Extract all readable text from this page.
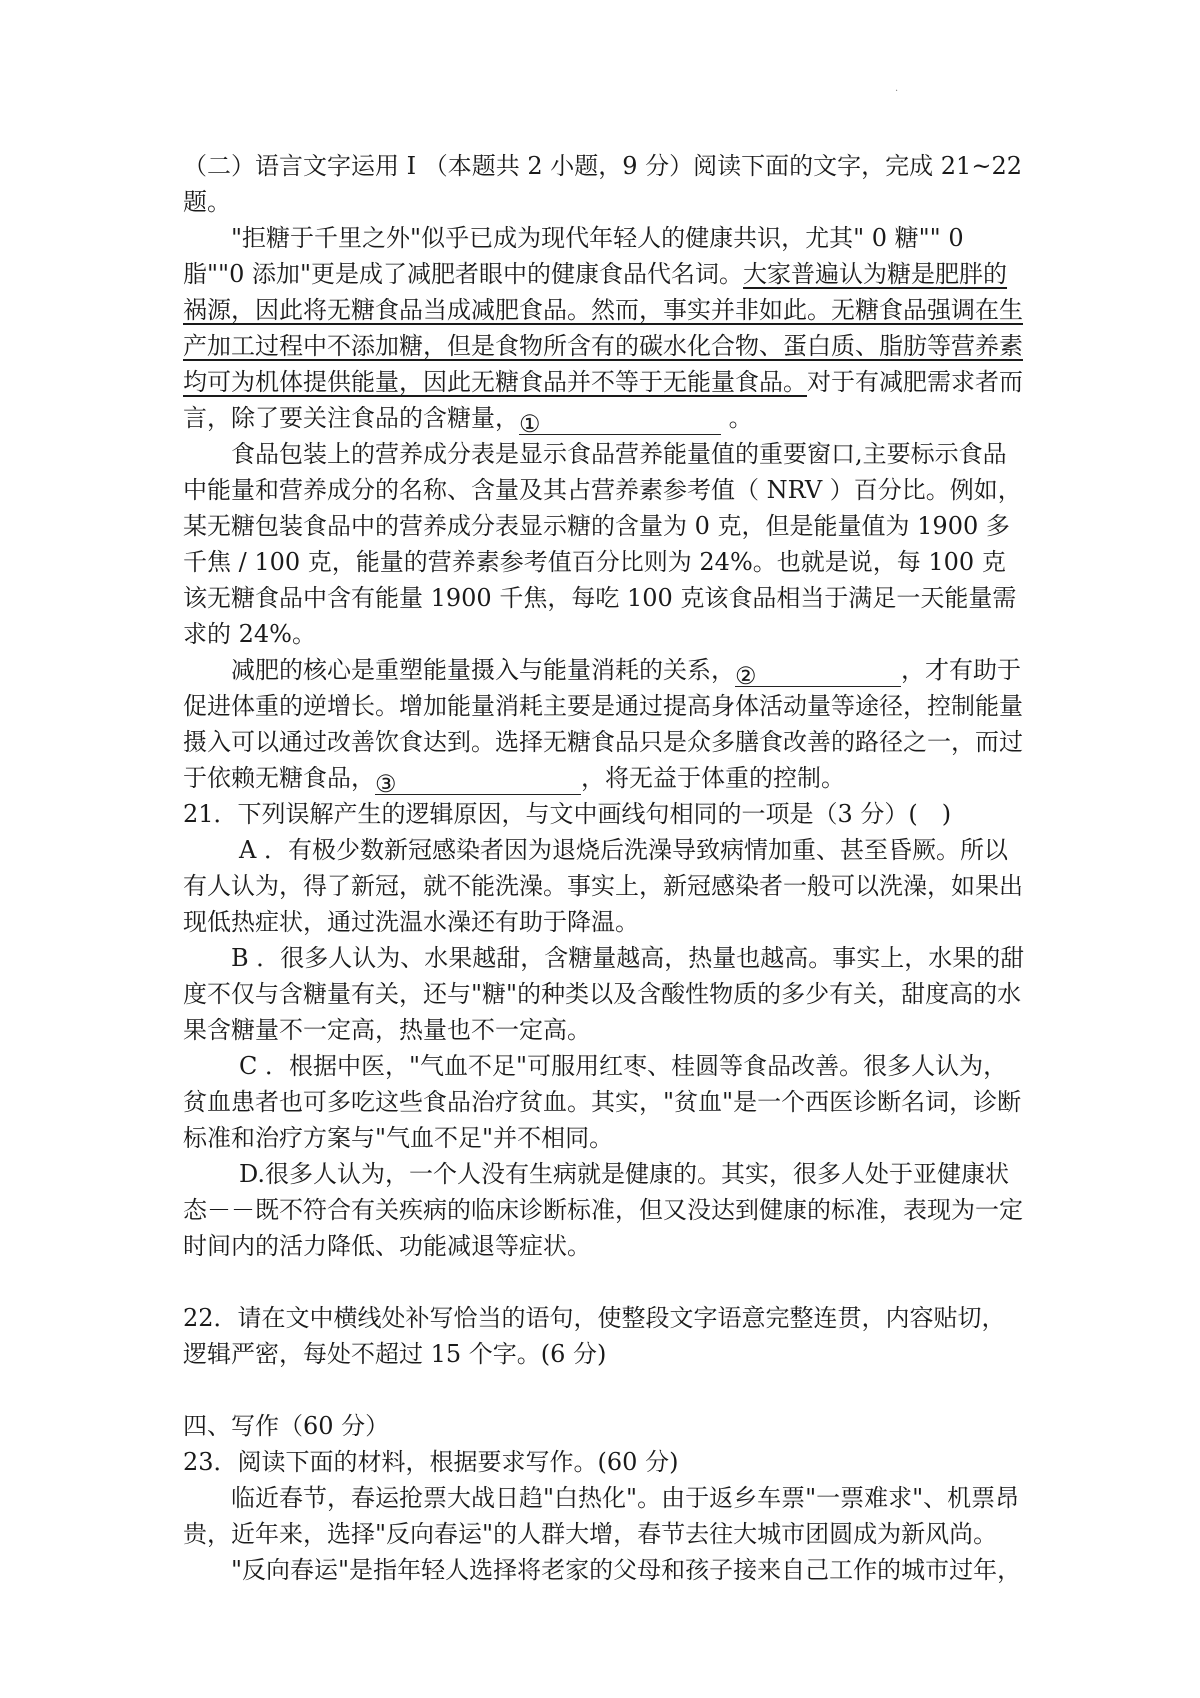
·

（二）语言文字运用 Ⅰ （本题共 2 小题，9 分）阅读下面的文字，完成 21~22 题。

"拒糖于千里之外"似乎已成为现代年轻人的健康共识，尤其" 0 糖"" 0 脂""0 添加"更是成了减肥者眼中的健康食品代名词。大家普遍认为糖是肥胖的祸源，因此将无糖食品当成减肥食品。然而，事实并非如此。无糖食品强调在生产加工过程中不添加糖，但是食物所含有的碳水化合物、蛋白质、脂肪等营养素均可为机体提供能量，因此无糖食品并不等于无能量食品。对于有减肥需求者而言，除了要关注食品的含糖量，①	。

食品包装上的营养成分表是显示食品营养能量值的重要窗口,主要标示食品中能量和营养成分的名称、含量及其占营养素参考值（ NRV ）百分比。例如，某无糖包装食品中的营养成分表显示糖的含量为 0 克，但是能量值为 1900 多千焦 / 100 克，能量的营养素参考值百分比则为 24%。也就是说，每 100 克该无糖食品中含有能量 1900 千焦，每吃 100 克该食品相当于满足一天能量需求的 24%。

减肥的核心是重塑能量摄入与能量消耗的关系，②	，才有助于促进体重的逆增长。增加能量消耗主要是通过提高身体活动量等途径，控制能量摄入可以通过改善饮食达到。选择无糖食品只是众多膳食改善的路径之一，而过于依赖无糖食品，③	，将无益于体重的控制。

21．下列误解产生的逻辑原因，与文中画线句相同的一项是（3 分）(　)

A ．有极少数新冠感染者因为退烧后洗澡导致病情加重、甚至昏厥。所以有人认为，得了新冠，就不能洗澡。事实上，新冠感染者一般可以洗澡，如果出现低热症状，通过洗温水澡还有助于降温。

B ．很多人认为、水果越甜，含糖量越高，热量也越高。事实上，水果的甜度不仅与含糖量有关，还与"糖"的种类以及含酸性物质的多少有关，甜度高的水果含糖量不一定高，热量也不一定高。

C ．根据中医，"气血不足"可服用红枣、桂圆等食品改善。很多人认为，贫血患者也可多吃这些食品治疗贫血。其实，"贫血"是一个西医诊断名词，诊断标准和治疗方案与"气血不足"并不相同。

D.很多人认为，一个人没有生病就是健康的。其实，很多人处于亚健康状态－－既不符合有关疾病的临床诊断标准，但又没达到健康的标准，表现为一定时间内的活力降低、功能减退等症状。

22．请在文中横线处补写恰当的语句，使整段文字语意完整连贯，内容贴切，逻辑严密，每处不超过 15 个字。(6 分)

四、写作（60 分）

23．阅读下面的材料，根据要求写作。(60 分)

临近春节，春运抢票大战日趋"白热化"。由于返乡车票"一票难求"、机票昂贵，近年来，选择"反向春运"的人群大增，春节去往大城市团圆成为新风尚。

"反向春运"是指年轻人选择将老家的父母和孩子接来自己工作的城市过年，
